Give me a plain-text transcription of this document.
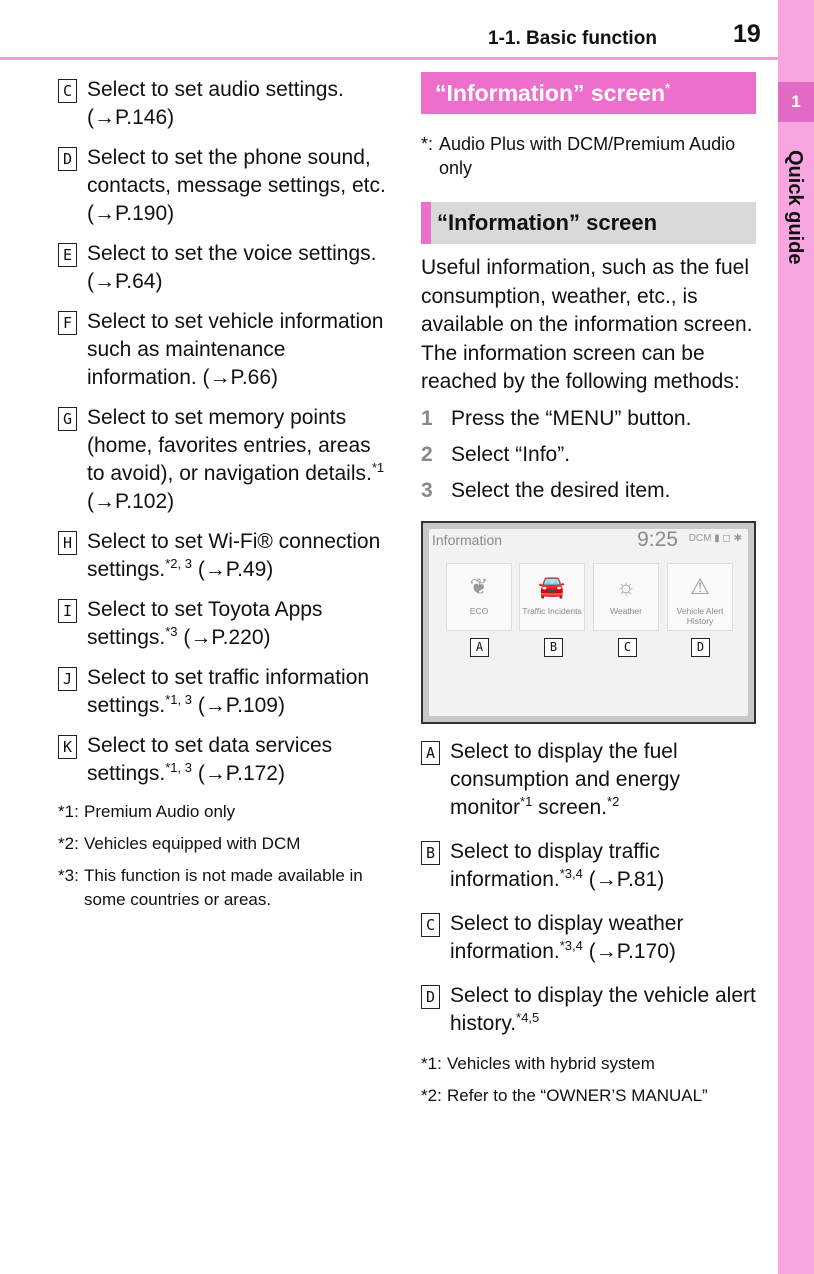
1-1. Basic function	19
1
Quick guide
C Select to set audio settings. (→P.146)
D Select to set the phone sound, contacts, message settings, etc. (→P.190)
E Select to set the voice settings. (→P.64)
F Select to set vehicle information such as maintenance information. (→P.66)
G Select to set memory points (home, favorites entries, areas to avoid), or navigation details.$^{*1}$ (→P.102)
H Select to set Wi-Fi® connection settings.$^{*2, 3}$ (→P.49)
I Select to set Toyota Apps settings.$^{*3}$ (→P.220)
J Select to set traffic information settings.$^{*1, 3}$ (→P.109)
K Select to set data services settings.$^{*1, 3}$ (→P.172)
*1: Premium Audio only
*2: Vehicles equipped with DCM
*3: This function is not made available in some countries or areas.
“Information” screen*
*: Audio Plus with DCM/Premium Audio only
“Information” screen
Useful information, such as the fuel consumption, weather, etc., is available on the information screen.
The information screen can be reached by the following methods:
1 Press the “MENU” button.
2 Select “Info”.
3 Select the desired item.
Information	9:25 DCM ▮ ◻ ✱
❦
ECO
🚘
Traffic Incidents
☼
Weather
⚠
Vehicle Alert History
A	B	C	D
A Select to display the fuel consumption and energy monitor$^{*1}$ screen.$^{*2}$
B Select to display traffic information.$^{*3,4}$ (→P.81)
C Select to display weather information.$^{*3,4}$ (→P.170)
D Select to display the vehicle alert history.$^{*4,5}$
*1: Vehicles with hybrid system
*2: Refer to the “OWNER’S MANUAL”
